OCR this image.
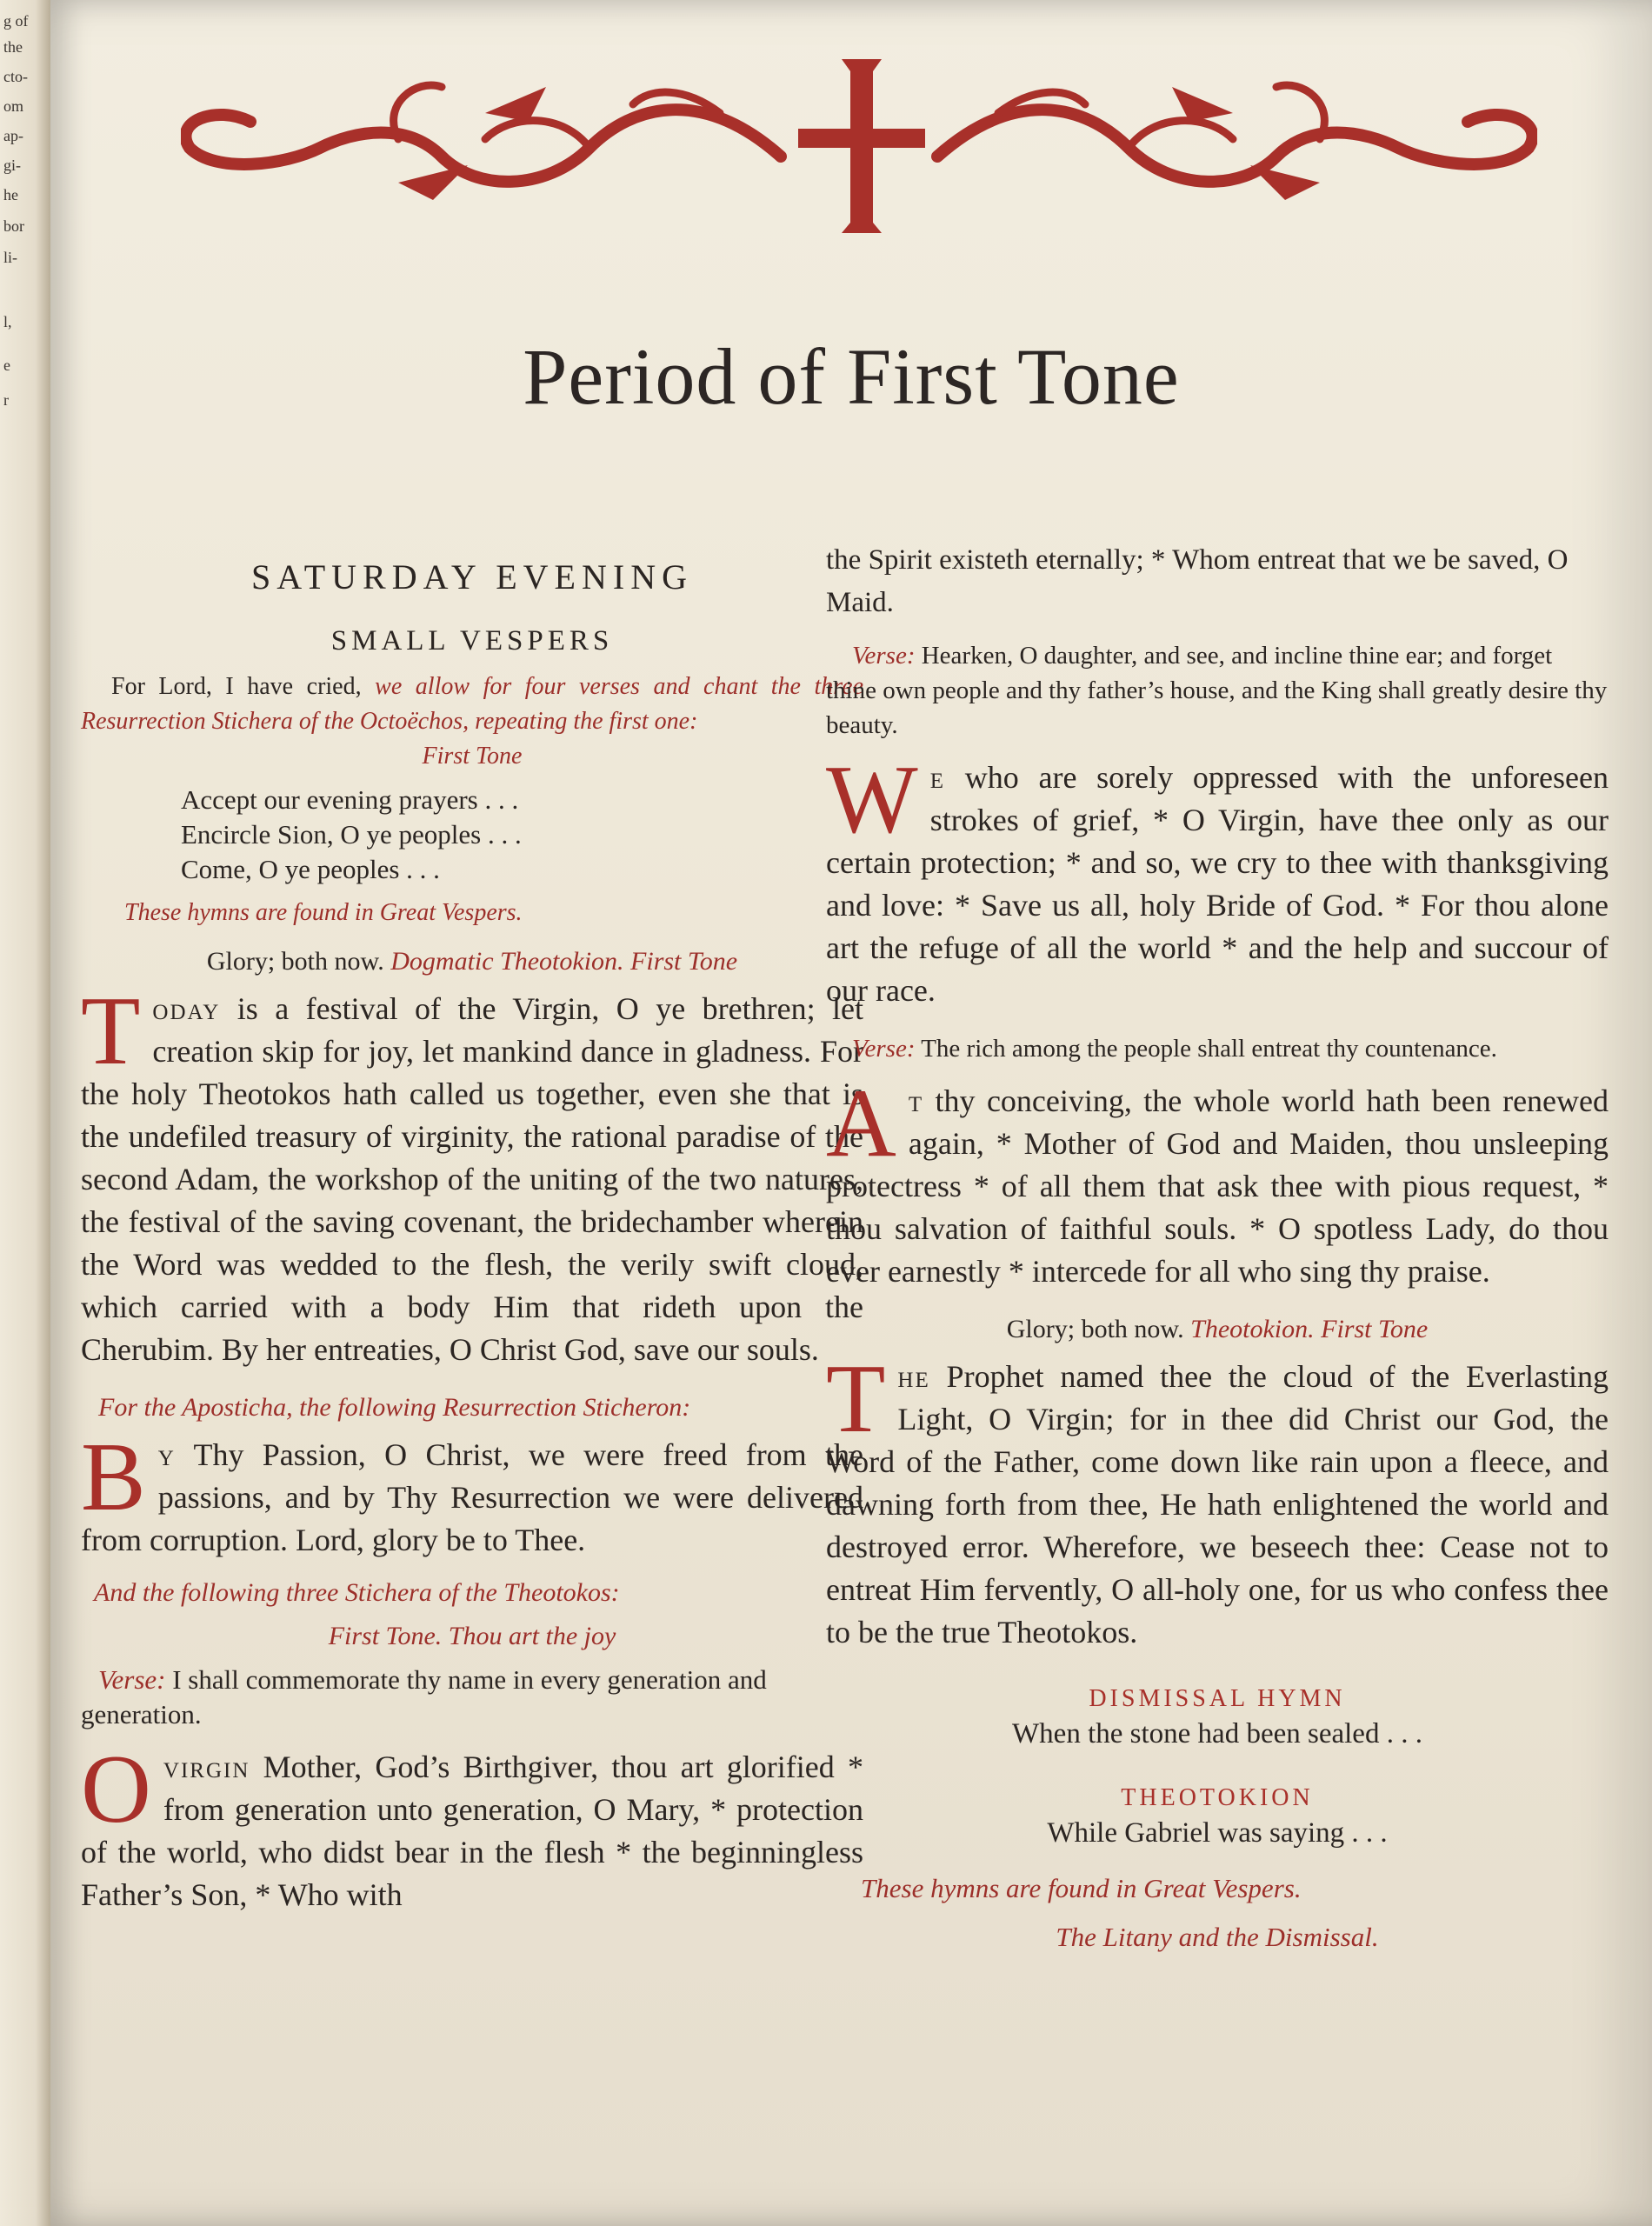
g of
the
cto-
om
ap-
gi-
he
bor
li-
l,
e
r	Period of First Tone
SATURDAY EVENING
SMALL VESPERS

For Lord, I have cried, we allow for four verses and chant the three Resurrection Stichera of the Octoëchos, repeating the first one:

First Tone

Accept our evening prayers . . .
Encircle Sion, O ye peoples . . .
Come, O ye peoples . . .

These hymns are found in Great Vespers.

Glory; both now. Dogmatic Theotokion. First Tone

Today is a festival of the Virgin, O ye brethren; let creation skip for joy, let mankind dance in gladness. For the holy Theotokos hath called us together, even she that is the undefiled treasury of virginity, the rational paradise of the second Adam, the workshop of the uniting of the two natures, the festival of the saving covenant, the bridechamber wherein the Word was wedded to the flesh, the verily swift cloud, which carried with a body Him that rideth upon the Cherubim. By her entreaties, O Christ God, save our souls.

For the Aposticha, the following Resurrection Sticheron:

By Thy Passion, O Christ, we were freed from the passions, and by Thy Resurrection we were delivered from corruption. Lord, glory be to Thee.

And the following three Stichera of the Theotokos:

First Tone. Thou art the joy

Verse: I shall commemorate thy name in every generation and generation.

Ovirgin Mother, God’s Birthgiver, thou art glorified * from generation unto generation, O Mary, * protection of the world, who didst bear in the flesh * the beginningless Father’s Son, * Who with

the Spirit existeth eternally; * Whom entreat that we be saved, O Maid.

Verse: Hearken, O daughter, and see, and incline thine ear; and forget thine own people and thy father’s house, and the King shall greatly desire thy beauty.

We who are sorely oppressed with the unforeseen strokes of grief, * O Virgin, have thee only as our certain protection; * and so, we cry to thee with thanksgiving and love: * Save us all, holy Bride of God. * For thou alone art the refuge of all the world * and the help and succour of our race.

Verse: The rich among the people shall entreat thy countenance.

At thy conceiving, the whole world hath been renewed again, * Mother of God and Maiden, thou unsleeping protectress * of all them that ask thee with pious request, * thou salvation of faithful souls. * O spotless Lady, do thou ever earnestly * intercede for all who sing thy praise.

Glory; both now. Theotokion. First Tone

The Prophet named thee the cloud of the Everlasting Light, O Virgin; for in thee did Christ our God, the Word of the Father, come down like rain upon a fleece, and dawning forth from thee, He hath enlightened the world and destroyed error. Wherefore, we beseech thee: Cease not to entreat Him fervently, O all-holy one, for us who confess thee to be the true Theotokos.

DISMISSAL HYMN

When the stone had been sealed . . .

THEOTOKION

While Gabriel was saying . . .

These hymns are found in Great Vespers.

The Litany and the Dismissal.
